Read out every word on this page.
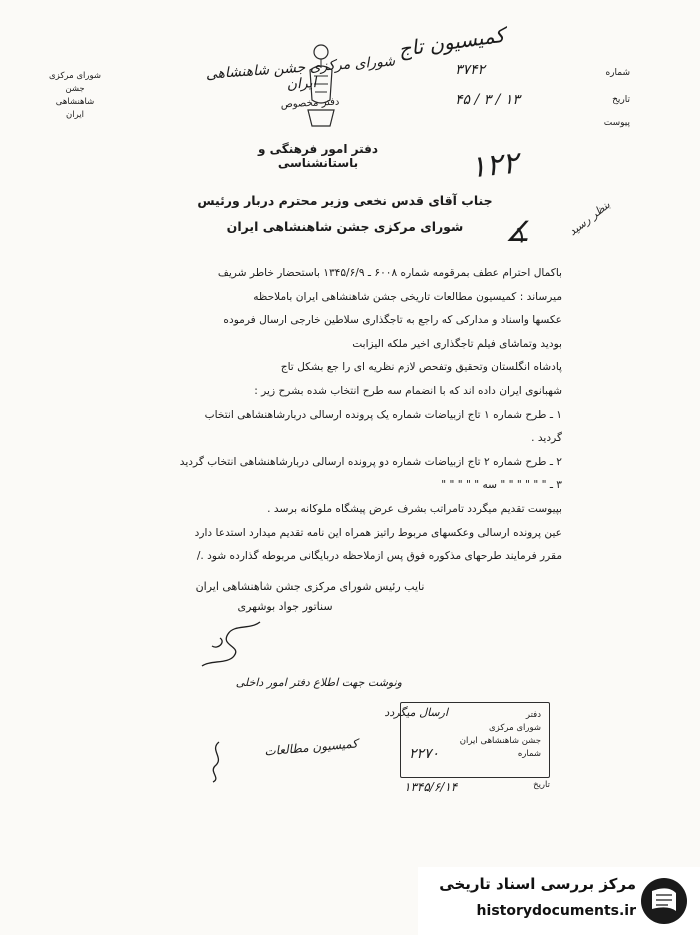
شورای مرکزی جشن شاهنشاهی ایران
دفتر مخصوص
دفتر امور فرهنگی و باستانشناسی
شورای مرکزی
جشن
شاهنشاهی
ایران
شماره
تاریخ
پیوست
۳۷۴۲
۱۳ / ۳ / ۴۵
کمیسیون تاج
۱۲۲
∡	بنظر رسید
جناب آقای قدس نخعی وزیر محترم دربار ورئیس
شورای مرکزی جشن شاهنشاهی ایران
باکمال احترام عطف بمرقومه شماره ۶۰۰۸ ـ ۱۳۴۵/۶/۹ باستحضار خاطر شریف
میرساند : کمیسیون مطالعات تاریخی جشن شاهنشاهی ایران باملاحظه
عکسها واسناد و مدارکی که راجع به تاجگذاری سلاطین خارجی ارسال فرموده
بودید وتماشای فیلم تاجگذاری اخیر ملکه الیزابت
پادشاه انگلستان وتحقیق وتفحص لازم نظریه ای را جع بشکل تاج
شهبانوی ایران داده اند که با انضمام سه طرح انتخاب شده بشرح زیر :
۱ ـ طرح شماره ۱ تاج ازبیاضات شماره یک پرونده ارسالی دربارشاهنشاهی انتخاب
گردید .
۲ ـ طرح شماره ۲ تاج ازبیاضات شماره دو پرونده ارسالی دربارشاهنشاهی انتخاب گردید
۳ ـ " " " " " " سه " " " " "
بپیوست تقدیم میگردد تامراتب بشرف عرض پیشگاه ملوکانه برسد .
عین پرونده ارسالی وعکسهای مربوط راتیز همراه این نامه تقدیم میدارد استدعا دارد
مقرر فرمایند طرحهای مذکوره فوق پس ازملاحظه دربایگانی مربوطه گذارده شود ./
نایب رئیس شورای مرکزی جشن شاهنشاهی ایران
سناتور جواد بوشهری
ونوشت جهت اطلاع دفتر امور داخلی
ارسال میگردد
کمیسیون مطالعات
دفتر
شورای مرکزی
جشن شاهنشاهی ایران
شماره
۲۲۷۰
تاریخ
۱۳۴۵/۶/۱۴
مرکز بررسی اسناد تاریخی
historydocuments.ir
